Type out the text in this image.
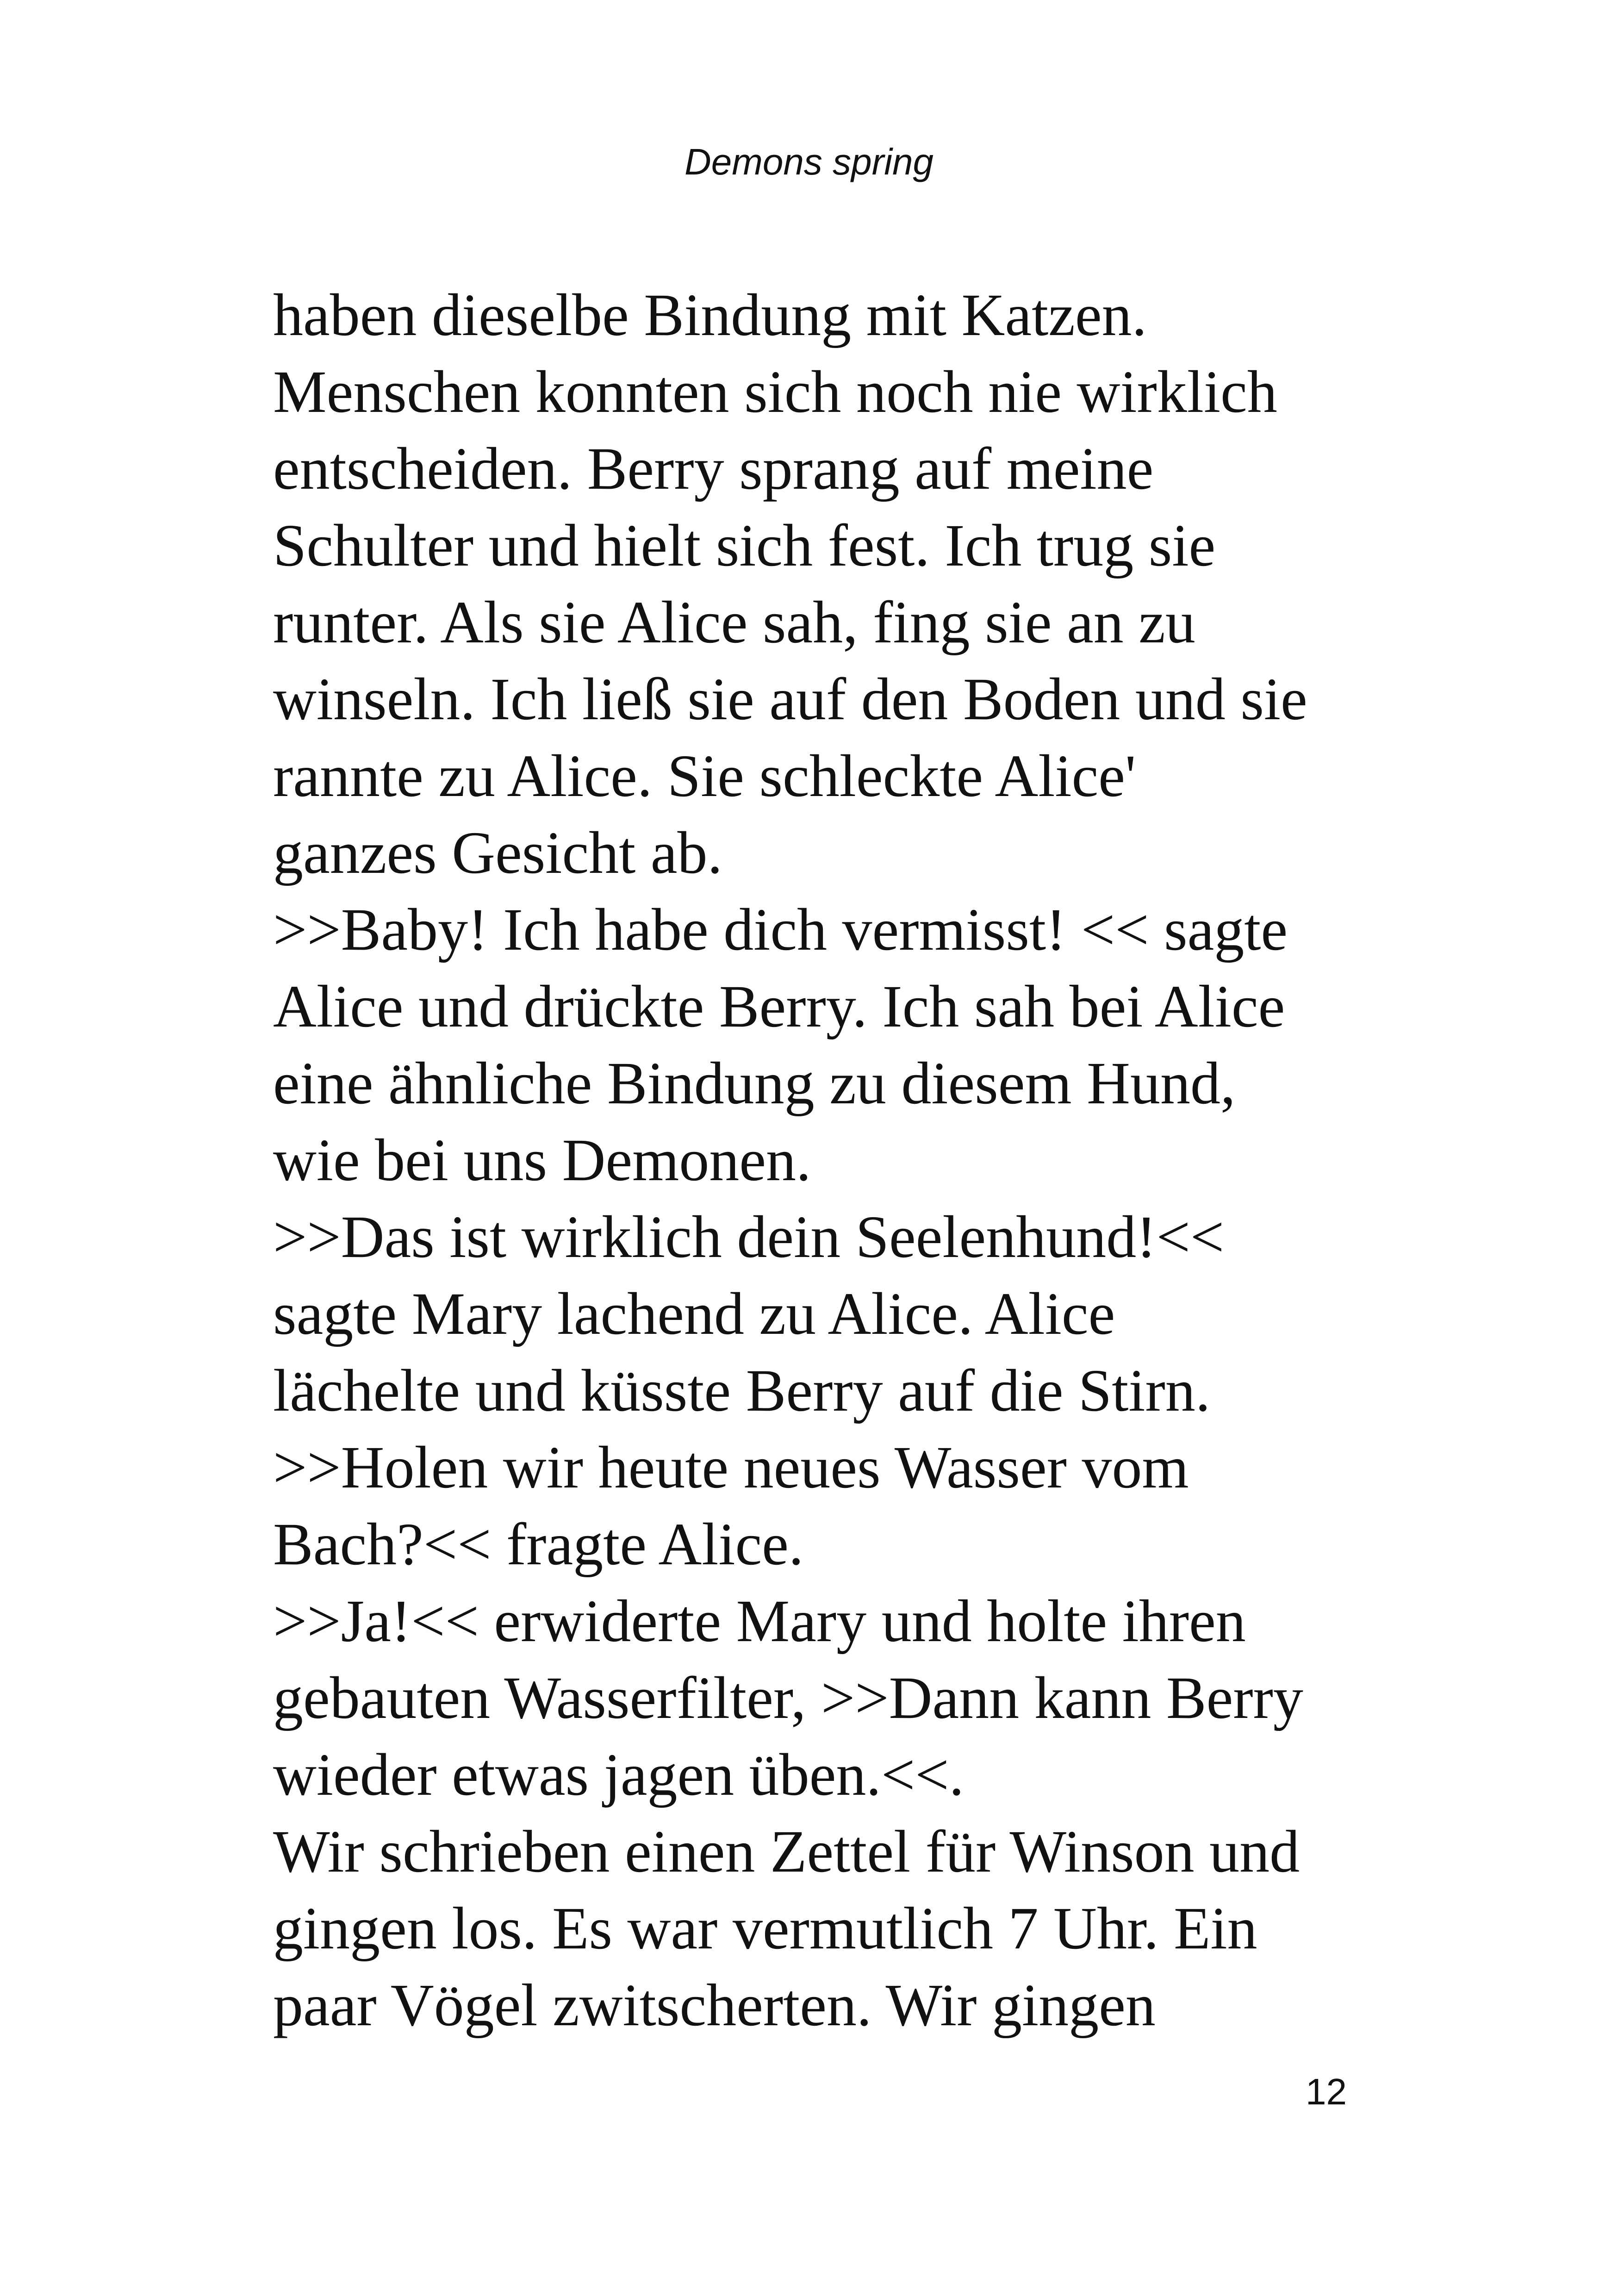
Demons spring
haben dieselbe Bindung mit Katzen.
Menschen konnten sich noch nie wirklich
entscheiden. Berry sprang auf meine
Schulter und hielt sich fest. Ich trug sie
runter. Als sie Alice sah, fing sie an zu
winseln. Ich ließ sie auf den Boden und sie
rannte zu Alice. Sie schleckte Alice'
ganzes Gesicht ab.
>>Baby! Ich habe dich vermisst! << sagte
Alice und drückte Berry. Ich sah bei Alice
eine ähnliche Bindung zu diesem Hund,
wie bei uns Demonen.
>>Das ist wirklich dein Seelenhund!<<
sagte Mary lachend zu Alice. Alice
lächelte und küsste Berry auf die Stirn.
>>Holen wir heute neues Wasser vom
Bach?<< fragte Alice.
>>Ja!<< erwiderte Mary und holte ihren
gebauten Wasserfilter, >>Dann kann Berry
wieder etwas jagen üben.<<.
Wir schrieben einen Zettel für Winson und
gingen los. Es war vermutlich 7 Uhr. Ein
paar Vögel zwitscherten. Wir gingen
12
